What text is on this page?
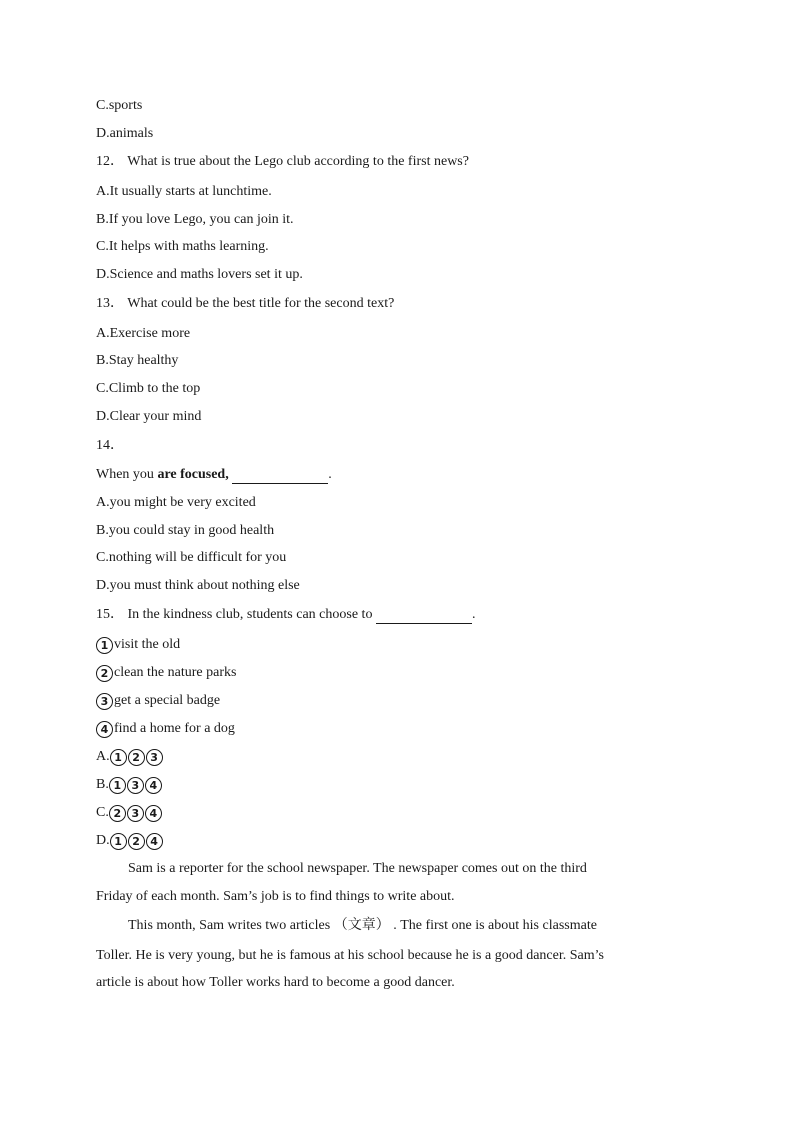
C.sports
D.animals
12． What is true about the Lego club according to the first news?
A.It usually starts at lunchtime.
B.If you love Lego, you can join it.
C.It helps with maths learning.
D.Science and maths lovers set it up.
13． What could be the best title for the second text?
A.Exercise more
B.Stay healthy
C.Climb to the top
D.Clear your mind
14．
When you are focused,	.
A.you might be very excited
B.you could stay in good health
C.nothing will be difficult for you
D.you must think about nothing else
15． In the kindness club, students can choose to	.
1 visit the old
2 clean the nature parks
3 get a special badge
4 find a home for a dog
A. 1 2 3
B. 1 3 4
C. 2 3 4
D. 1 2 4
Sam is a reporter for the school newspaper. The newspaper comes out on the third
Friday of each month. Sam’s job is to find things to write about.
This month, Sam writes two articles （文章） . The first one is about his classmate
Toller. He is very young, but he is famous at his school because he is a good dancer. Sam’s
article is about how Toller works hard to become a good dancer.
